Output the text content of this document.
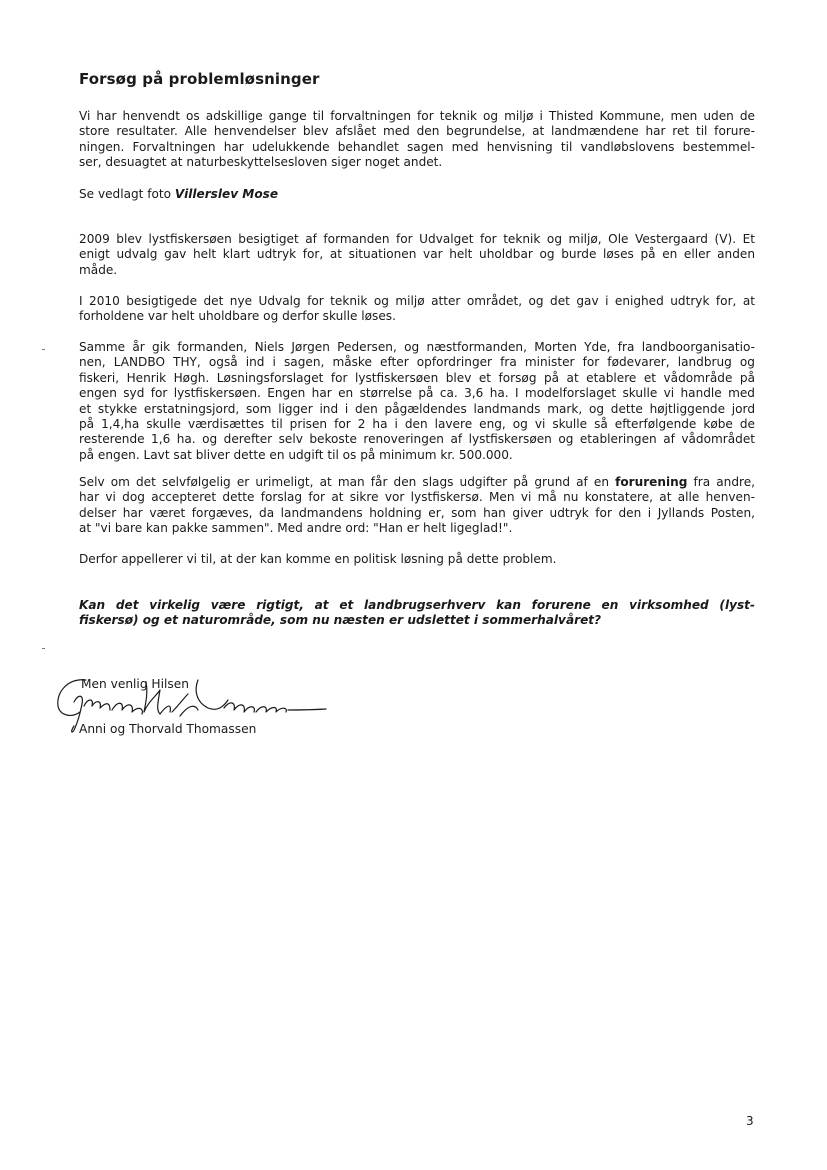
Forsøg på problemløsninger
Vi har henvendt os adskillige gange til forvaltningen for teknik og miljø i Thisted Kommune, men uden de
store resultater. Alle henvendelser blev afslået med den begrundelse, at landmændene har ret til forure-
ningen. Forvaltningen har udelukkende behandlet sagen med henvisning til vandløbslovens bestemmel-
ser, desuagtet at naturbeskyttelsesloven siger noget andet.
Se vedlagt foto Villerslev Mose
2009 blev lystfiskersøen besigtiget af formanden for Udvalget for teknik og miljø, Ole Vestergaard (V). Et
enigt udvalg gav helt klart udtryk for, at situationen var helt uholdbar og burde løses på en eller anden
måde.
I 2010 besigtigede det nye Udvalg for teknik og miljø atter området, og det gav i enighed udtryk for, at
forholdene var helt uholdbare og derfor skulle løses.
Samme år gik formanden, Niels Jørgen Pedersen, og næstformanden, Morten Yde, fra landboorganisatio-
nen, LANDBO THY, også ind i sagen, måske efter opfordringer fra minister for fødevarer, landbrug og
fiskeri, Henrik Høgh. Løsningsforslaget for lystfiskersøen blev et forsøg på at etablere et vådområde på
engen syd for lystfiskersøen. Engen har en størrelse på ca. 3,6 ha. I modelforslaget skulle vi handle med
et stykke erstatningsjord, som ligger ind i den pågældendes landmands mark, og dette højtliggende jord
på 1,4,ha skulle værdisættes til prisen for 2 ha i den lavere eng, og vi skulle så efterfølgende købe de
resterende 1,6 ha. og derefter selv bekoste renoveringen af lystfiskersøen og etableringen af vådområdet
på engen. Lavt sat bliver dette en udgift til os på minimum kr. 500.000.
Selv om det selvfølgelig er urimeligt, at man får den slags udgifter på grund af en forurening fra andre,
har vi dog accepteret dette forslag for at sikre vor lystfiskersø. Men vi må nu konstatere, at alle henven-
delser har været forgæves, da landmandens holdning er, som han giver udtryk for den i Jyllands Posten,
at "vi bare kan pakke sammen". Med andre ord: "Han er helt ligeglad!".
Derfor appellerer vi til, at der kan komme en politisk løsning på dette problem.
Kan det virkelig være rigtigt, at et landbrugserhverv kan forurene en virksomhed (lyst-
fiskersø) og et naturområde, som nu næsten er udslettet i sommerhalvåret?
Men venlig Hilsen
Anni og Thorvald Thomassen
3
